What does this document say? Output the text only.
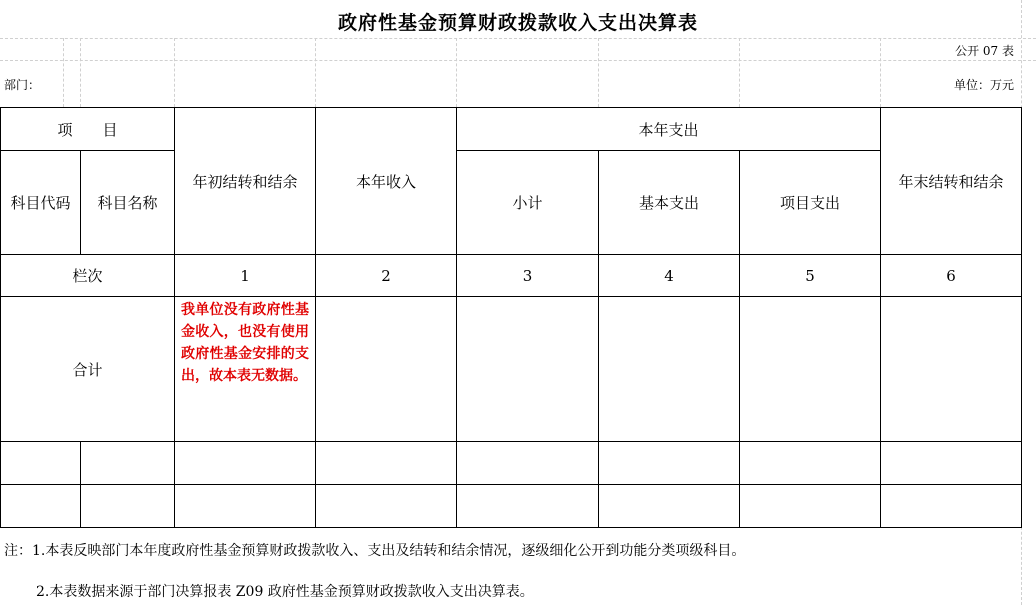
政府性基金预算财政拨款收入支出决算表
公开 07 表
部门：	单位：万元
项　　目		年初结转和结余	本年收入	本年支出			年末结转和结余
科目代码	科目名称			小计	基本支出	项目支出	
栏次		1	2	3	4	5	6
合计		我单位没有政府性基金收入，也没有使用政府性基金安排的支出，故本表无数据。					

注：1.本表反映部门本年度政府性基金预算财政拨款收入、支出及结转和结余情况，逐级细化公开到功能分类项级科目。
2.本表数据来源于部门决算报表 Z09 政府性基金预算财政拨款收入支出决算表。
